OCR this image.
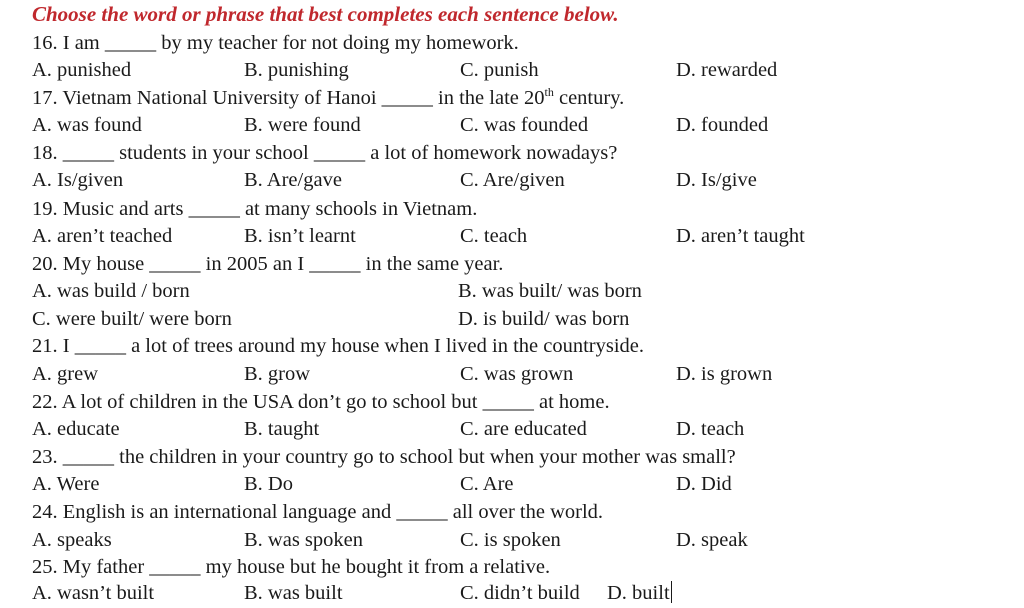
Choose the word or phrase that best completes each sentence below.
16. I am _____ by my teacher for not doing my homework.
A. punished	B. punishing	C. punish	D. rewarded
17. Vietnam National University of Hanoi _____ in the late 20th century.
A. was found	B. were found	C. was founded	D. founded
18. _____ students in your school _____ a lot of homework nowadays?
A. Is/given	B. Are/gave	C. Are/given	D. Is/give
19. Music and arts _____ at many schools in Vietnam.
A. aren’t teached	B. isn’t learnt	C. teach	D. aren’t taught
20. My house _____ in 2005 an I _____ in the same year.
A. was build / born	B. was built/ was born
C. were built/ were born	D. is build/ was born
21. I _____ a lot of trees around my house when I lived in the countryside.
A. grew	B. grow	C. was grown	D. is grown
22. A lot of children in the USA don’t go to school but _____ at home.
A. educate	B. taught	C. are educated	D. teach
23. _____ the children in your country go to school but when your mother was small?
A. Were	B. Do	C. Are	D. Did
24. English is an international language and _____ all over the world.
A. speaks	B. was spoken	C. is spoken	D. speak
25. My father _____ my house but he bought it from a relative.
A. wasn’t built	B. was built	C. didn’t build D. built
